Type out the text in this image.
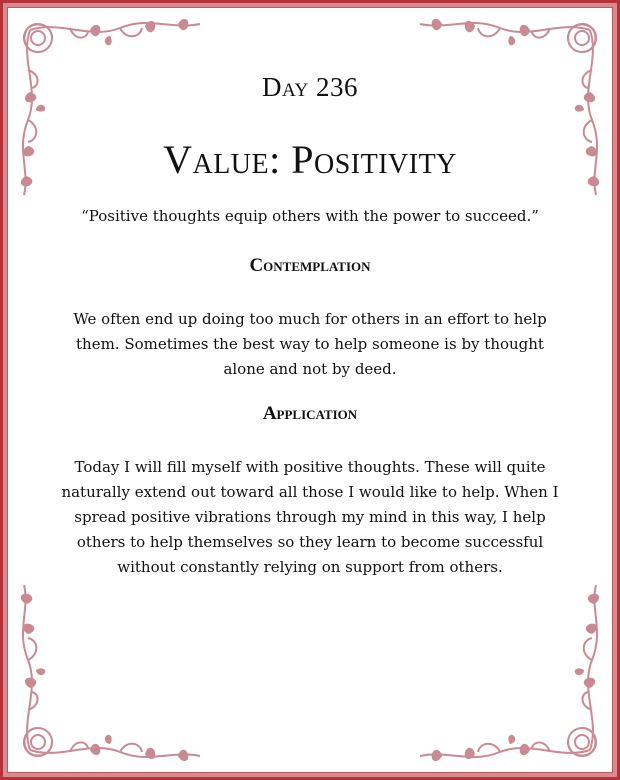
Day 236

Value: Positivity

“Positive thoughts equip others with the power to succeed.”

Contemplation

We often end up doing too much for others in an effort to help them. Sometimes the best way to help someone is by thought alone and not by deed.

Application

Today I will fill myself with positive thoughts. These will quite naturally extend out toward all those I would like to help. When I spread positive vibrations through my mind in this way, I help others to help themselves so they learn to become successful without constantly relying on support from others.
